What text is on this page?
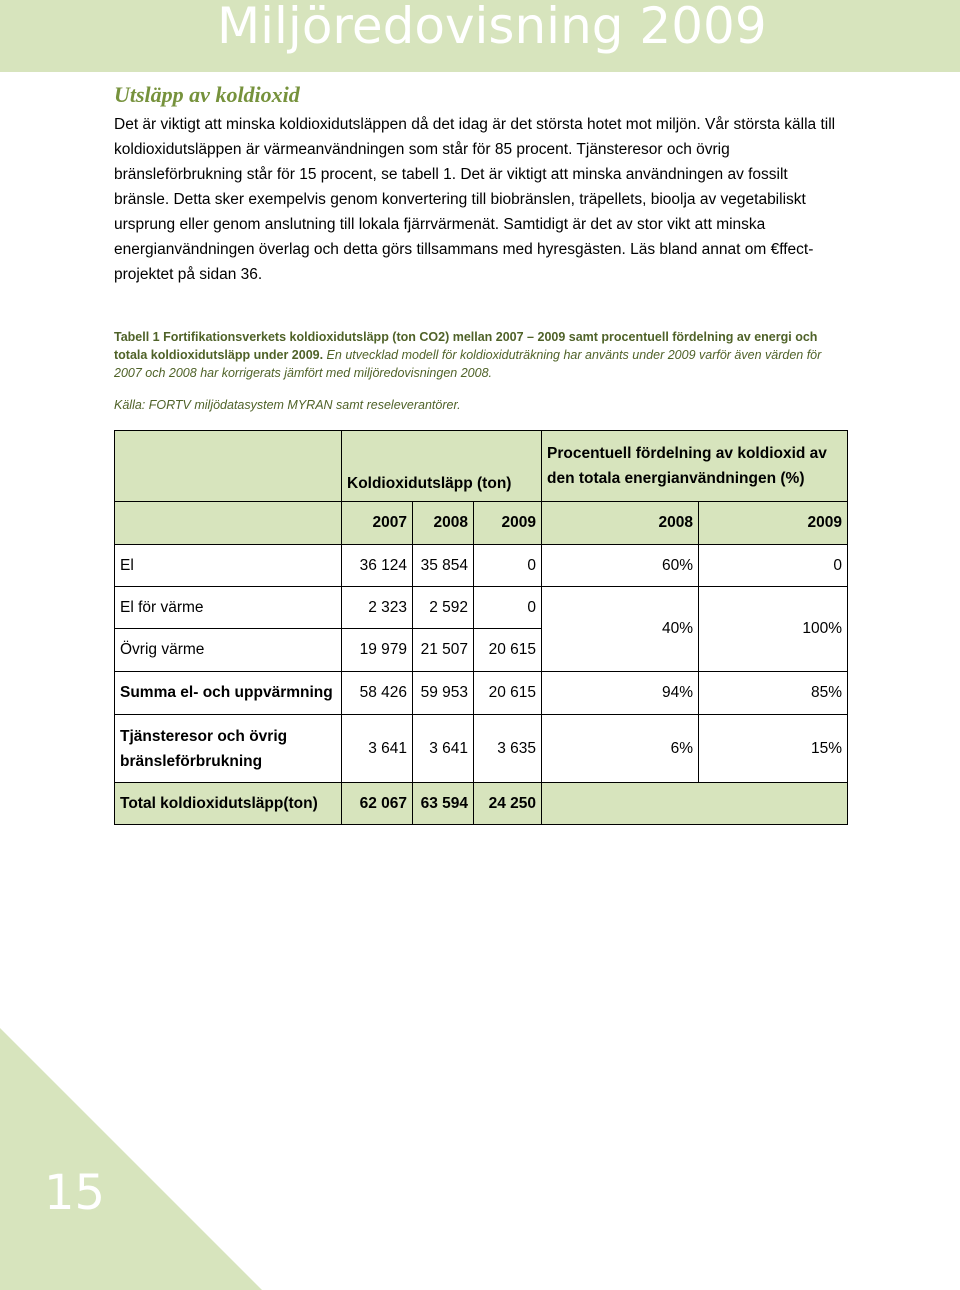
Miljöredovisning 2009
Utsläpp av koldioxid

Det är viktigt att minska koldioxidutsläppen då det idag är det största hotet mot miljön. Vår största källa till koldioxidutsläppen är värmeanvändningen som står för 85 procent. Tjänsteresor och övrig bränsleförbrukning står för 15 procent, se tabell 1. Det är viktigt att minska användningen av fossilt bränsle. Detta sker exempelvis genom konvertering till biobränslen, träpellets, bioolja av vegetabiliskt ursprung eller genom anslutning till lokala fjärrvärmenät. Samtidigt är det av stor vikt att minska energianvändningen överlag och detta görs tillsammans med hyresgästen. Läs bland annat om €ffect-projektet på sidan 36.

Tabell 1 Fortifikationsverkets koldioxidutsläpp (ton CO2) mellan 2007 – 2009 samt procentuell fördelning av energi och totala koldioxidutsläpp under 2009. En utvecklad modell för koldioxiduträkning har använts under 2009 varför även värden för 2007 och 2008 har korrigerats jämfört med miljöredovisningen 2008.

Källa: FORTV miljödatasystem MYRAN samt reseleverantörer.
	Koldioxidutsläpp (ton)			Procentuell fördelning av koldioxid av den totala energianvändningen (%)	
	2007	2008	2009	2008	2009
El	36 124	35 854	0	60%	0
El för värme	2 323	2 592	0	40%	100%
Övrig värme	19 979	21 507	20 615		
Summa el- och uppvärmning	58 426	59 953	20 615	94%	85%
Tjänsteresor och övrig bränsleförbrukning	3 641	3 641	3 635	6%	15%
Total koldioxidutsläpp(ton)	62 067	63 594	24 250		
15
